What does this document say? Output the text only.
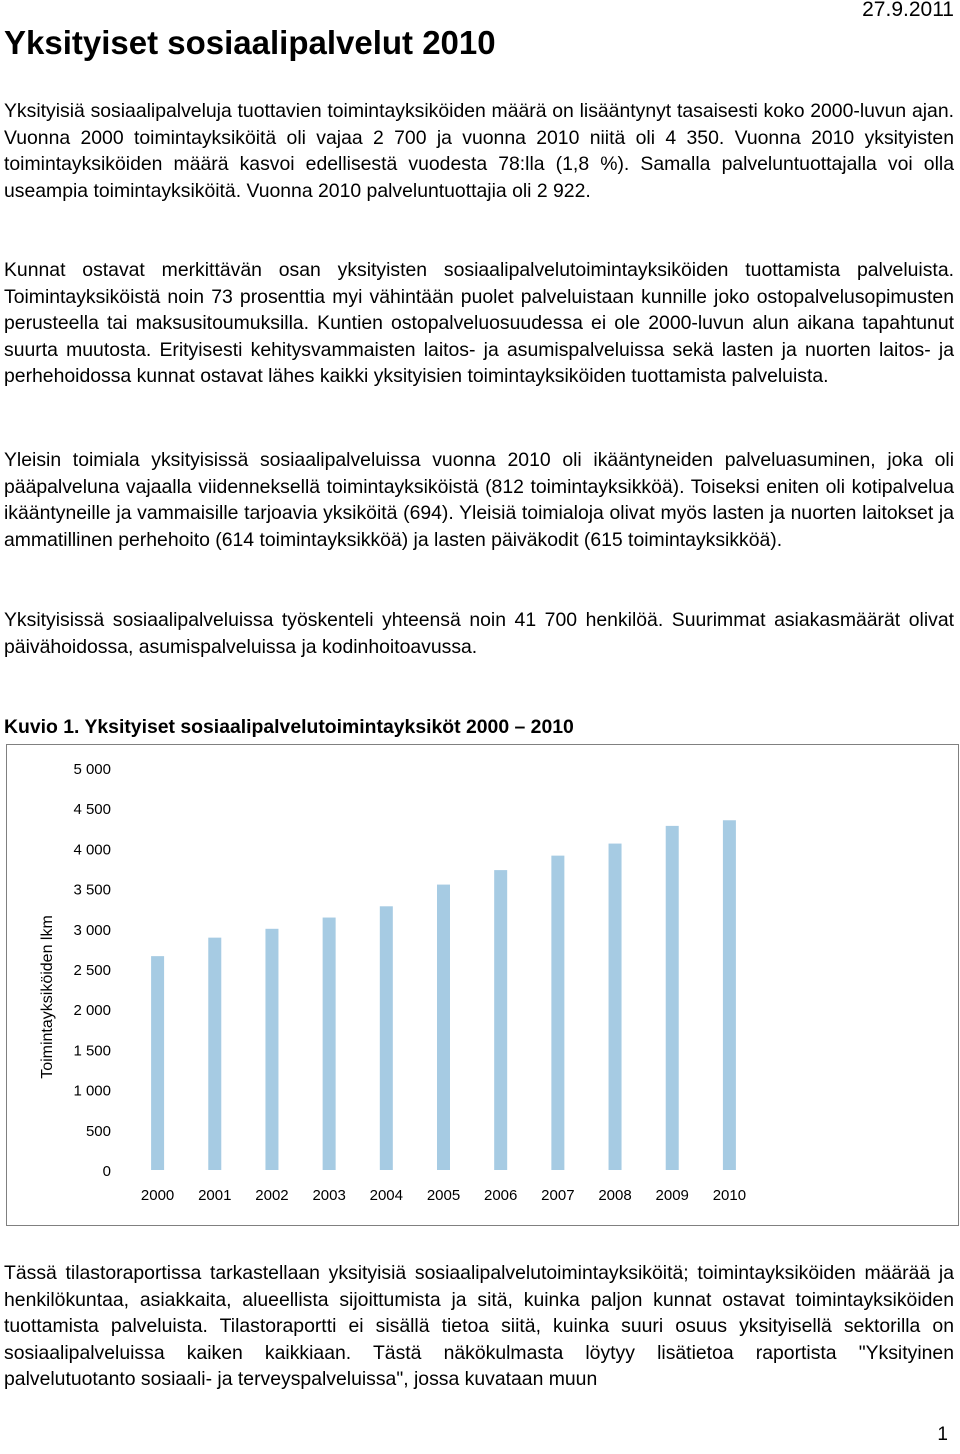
Yksityiset sosiaalipalvelut 2010
27.9.2011
Yksityisiä sosiaalipalveluja tuottavien toimintayksiköiden määrä on lisääntynyt tasaisesti koko 2000-luvun ajan. Vuonna 2000 toimintayksiköitä oli vajaa 2 700 ja vuonna 2010 niitä oli 4 350. Vuonna 2010 yksityisten toimintayksiköiden määrä kasvoi edellisestä vuodesta 78:lla (1,8 %). Samalla palveluntuottajalla voi olla useampia toimintayksiköitä. Vuonna 2010 palveluntuottajia oli 2 922.
Kunnat ostavat merkittävän osan yksityisten sosiaalipalvelutoimintayksiköiden tuottamista palveluista. Toimintayksiköistä noin 73 prosenttia myi vähintään puolet palveluistaan kunnille joko ostopalvelusopimusten perusteella tai maksusitoumuksilla. Kuntien ostopalveluosuudessa ei ole 2000-luvun alun aikana tapahtunut suurta muutosta. Erityisesti kehitysvammaisten laitos- ja asumispalveluissa sekä lasten ja nuorten laitos- ja perhehoidossa kunnat ostavat lähes kaikki yksityisien toimintayksiköiden tuottamista palveluista.
Yleisin toimiala yksityisissä sosiaalipalveluissa vuonna 2010 oli ikääntyneiden palveluasuminen, joka oli pääpalveluna vajaalla viidenneksellä toimintayksiköistä (812 toimintayksikköä). Toiseksi eniten oli kotipalvelua ikääntyneille ja vammaisille tarjoavia yksiköitä (694). Yleisiä toimialoja olivat myös lasten ja nuorten laitokset ja ammatillinen perhehoito (614 toimintayksikköä) ja lasten päiväkodit (615 toimintayksikköä).
Yksityisissä sosiaalipalveluissa työskenteli yhteensä noin 41 700 henkilöä. Suurimmat asiakasmäärät olivat päivähoidossa, asumispalveluissa ja kodinhoitoavussa.
Kuvio 1. Yksityiset sosiaalipalvelutoimintayksiköt 2000 – 2010
Toimintayksiköiden lkm
0
500
1 000
1 500
2 000
2 500
3 000
3 500
4 000
4 500
5 000
2000 2001 2002 2003 2004 2005 2006 2007 2008 2009 2010
Tässä tilastoraportissa tarkastellaan yksityisiä sosiaalipalvelutoimintayksiköitä; toimintayksiköiden määrää ja henkilökuntaa, asiakkaita, alueellista sijoittumista ja sitä, kuinka paljon kunnat ostavat toimintayksiköiden tuottamista palveluista. Tilastoraportti ei sisällä tietoa siitä, kuinka suuri osuus yksityisellä sektorilla on sosiaalipalveluissa kaiken kaikkiaan. Tästä näkökulmasta löytyy lisätietoa raportista "Yksityinen palvelutuotanto sosiaali- ja terveyspalveluissa", jossa kuvataan muun
1
